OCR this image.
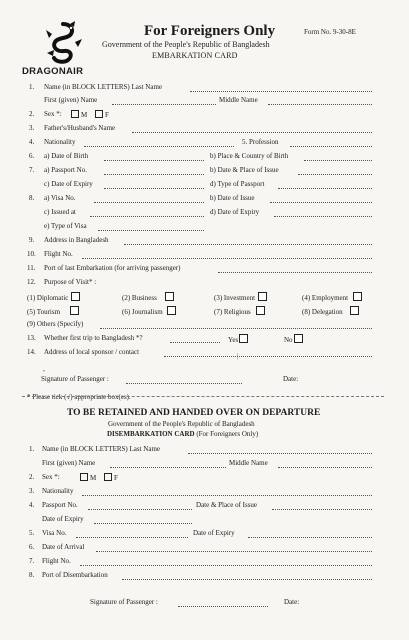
DRAGONAIR
For Foreigners Only	Form No. 9-30-8E
Government of the People's Republic of Bangladesh
EMBARKATION CARD
1. Name (in BLOCK LETTERS) Last Name
First (given) Name	Middle Name
2. Sex *:	M	F
3. Father's/Husband's Name
4. Nationality	5. Profession
6. a) Date of Birth	b) Place & Country of Birth
7. a) Passport No.	b) Date & Place of Issue
c) Date of Expiry	d) Type of Passport
8. a) Visa No.	b) Date of Issue
c) Issued at	d) Date of Expiry
e) Type of Visa
9. Address in Bangladesh
10. Flight No.
11. Port of last Embarkation (for arriving passenger)
12. Purpose of Visit* :
(1) Diplomatic	(2) Business	(3) Investment	(4) Employment
(5) Tourism	(6) Journalism	(7) Religious	(8) Delegation
(9) Others (Specify)
13. Whether first trip to Bangladesh *?	Yes	No
14. Address of local sponsor / contact
,
|
Signature of Passenger :	Date:
* Please tick (√) appropriate box(es).
TO BE RETAINED AND HANDED OVER ON DEPARTURE
Government of the People's Republic of Bangladesh
DISEMBARKATION CARD (For Foreigners Only)
1. Name (in BLOCK LETTERS) Last Name
First (given) Name	Middle Name
2. Sex *:	M	F
3. Nationality
4. Passport No.	Date & Place of Issue
Date of Expiry
5. Visa No.	Date of Expiry
6. Date of Arrival
7. Flight No.
8. Port of Disembarkation
Signature of Passenger :	Date:
